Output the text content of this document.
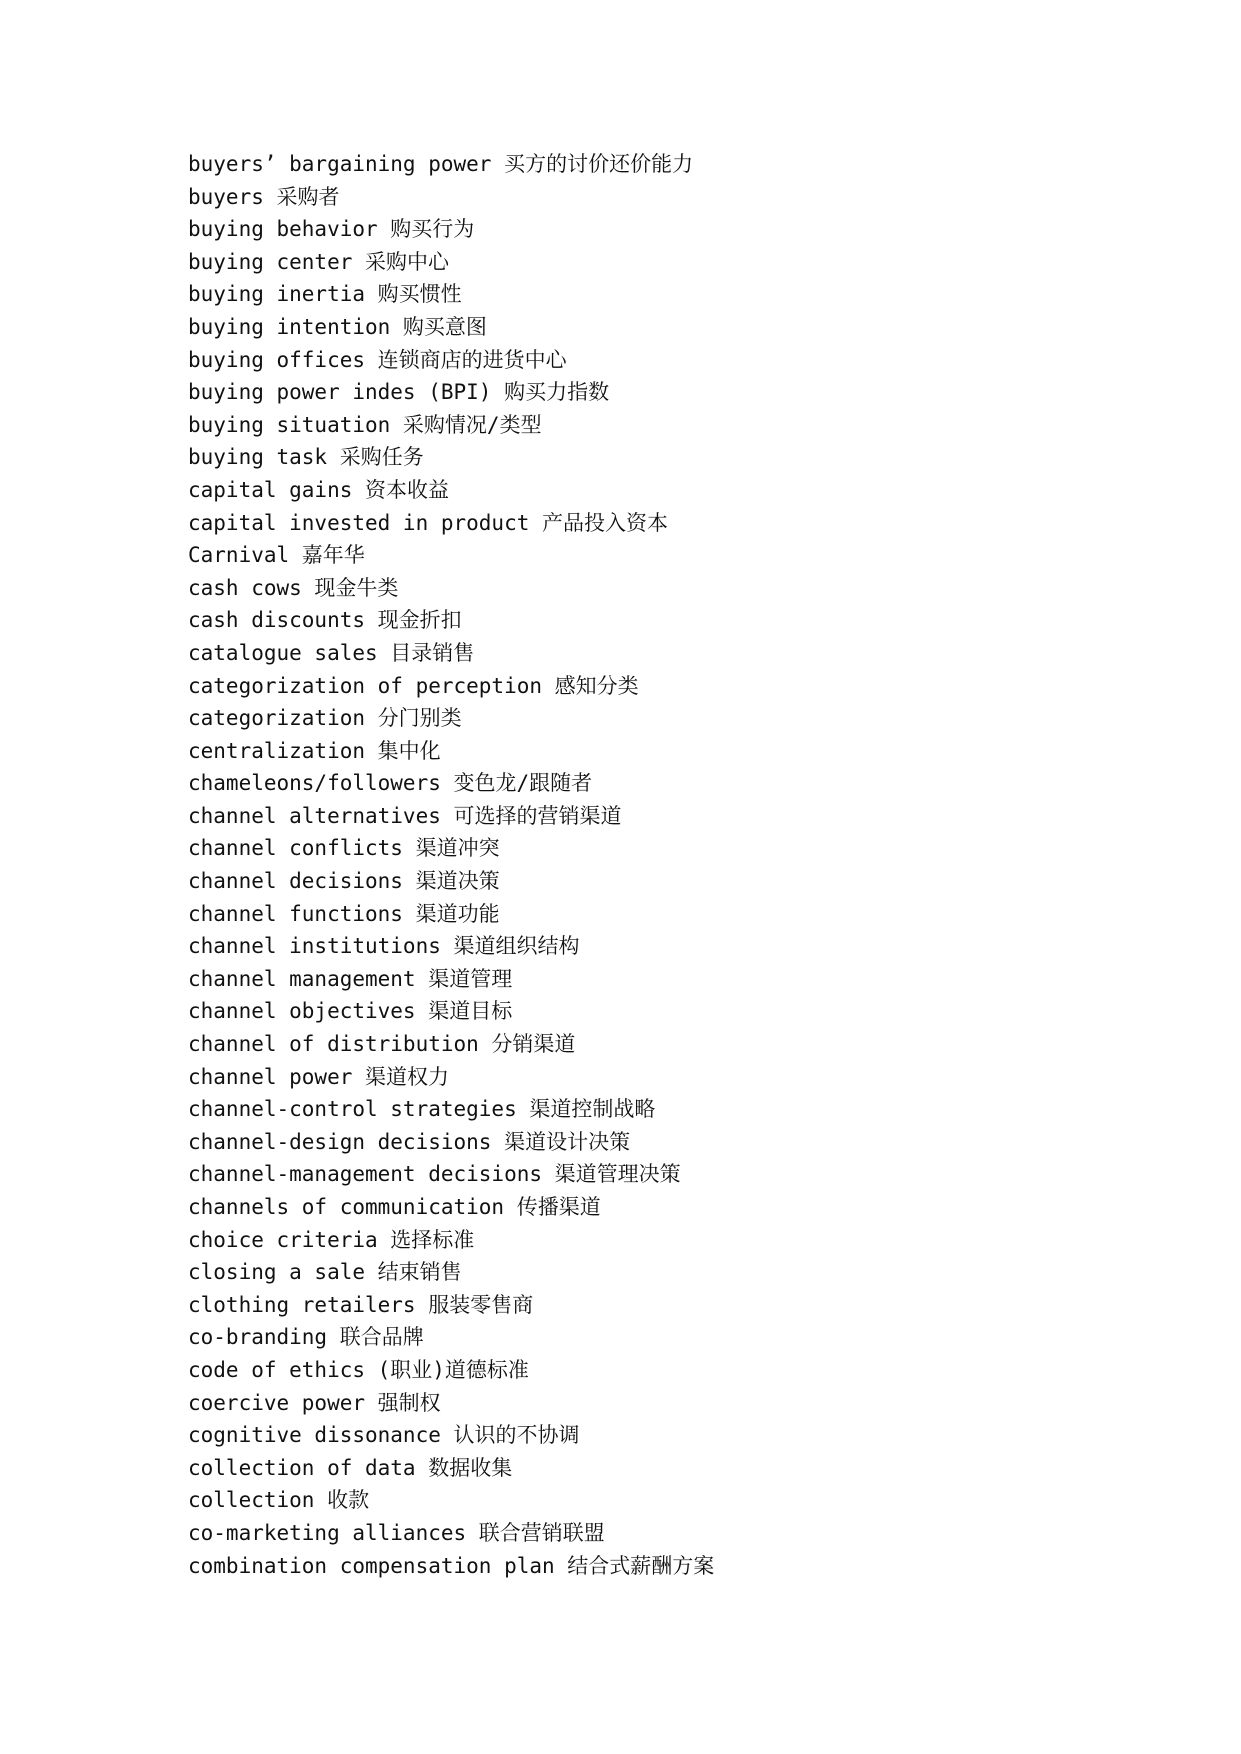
buyers’ bargaining power 买方的讨价还价能力
buyers 采购者
buying behavior 购买行为
buying center 采购中心
buying inertia 购买惯性
buying intention 购买意图
buying offices 连锁商店的进货中心
buying power indes (BPI) 购买力指数
buying situation 采购情况/类型
buying task 采购任务
capital gains 资本收益
capital invested in product 产品投入资本
Carnival 嘉年华
cash cows 现金牛类
cash discounts 现金折扣
catalogue sales 目录销售
categorization of perception 感知分类
categorization 分门别类
centralization 集中化
chameleons/followers 变色龙/跟随者
channel alternatives 可选择的营销渠道
channel conflicts 渠道冲突
channel decisions 渠道决策
channel functions 渠道功能
channel institutions 渠道组织结构
channel management 渠道管理
channel objectives 渠道目标
channel of distribution 分销渠道
channel power 渠道权力
channel-control strategies 渠道控制战略
channel-design decisions 渠道设计决策
channel-management decisions 渠道管理决策
channels of communication 传播渠道
choice criteria 选择标准
closing a sale 结束销售
clothing retailers 服装零售商
co-branding 联合品牌
code of ethics (职业)道德标准
coercive power 强制权
cognitive dissonance 认识的不协调
collection of data 数据收集
collection 收款
co-marketing alliances 联合营销联盟
combination compensation plan 结合式薪酬方案
